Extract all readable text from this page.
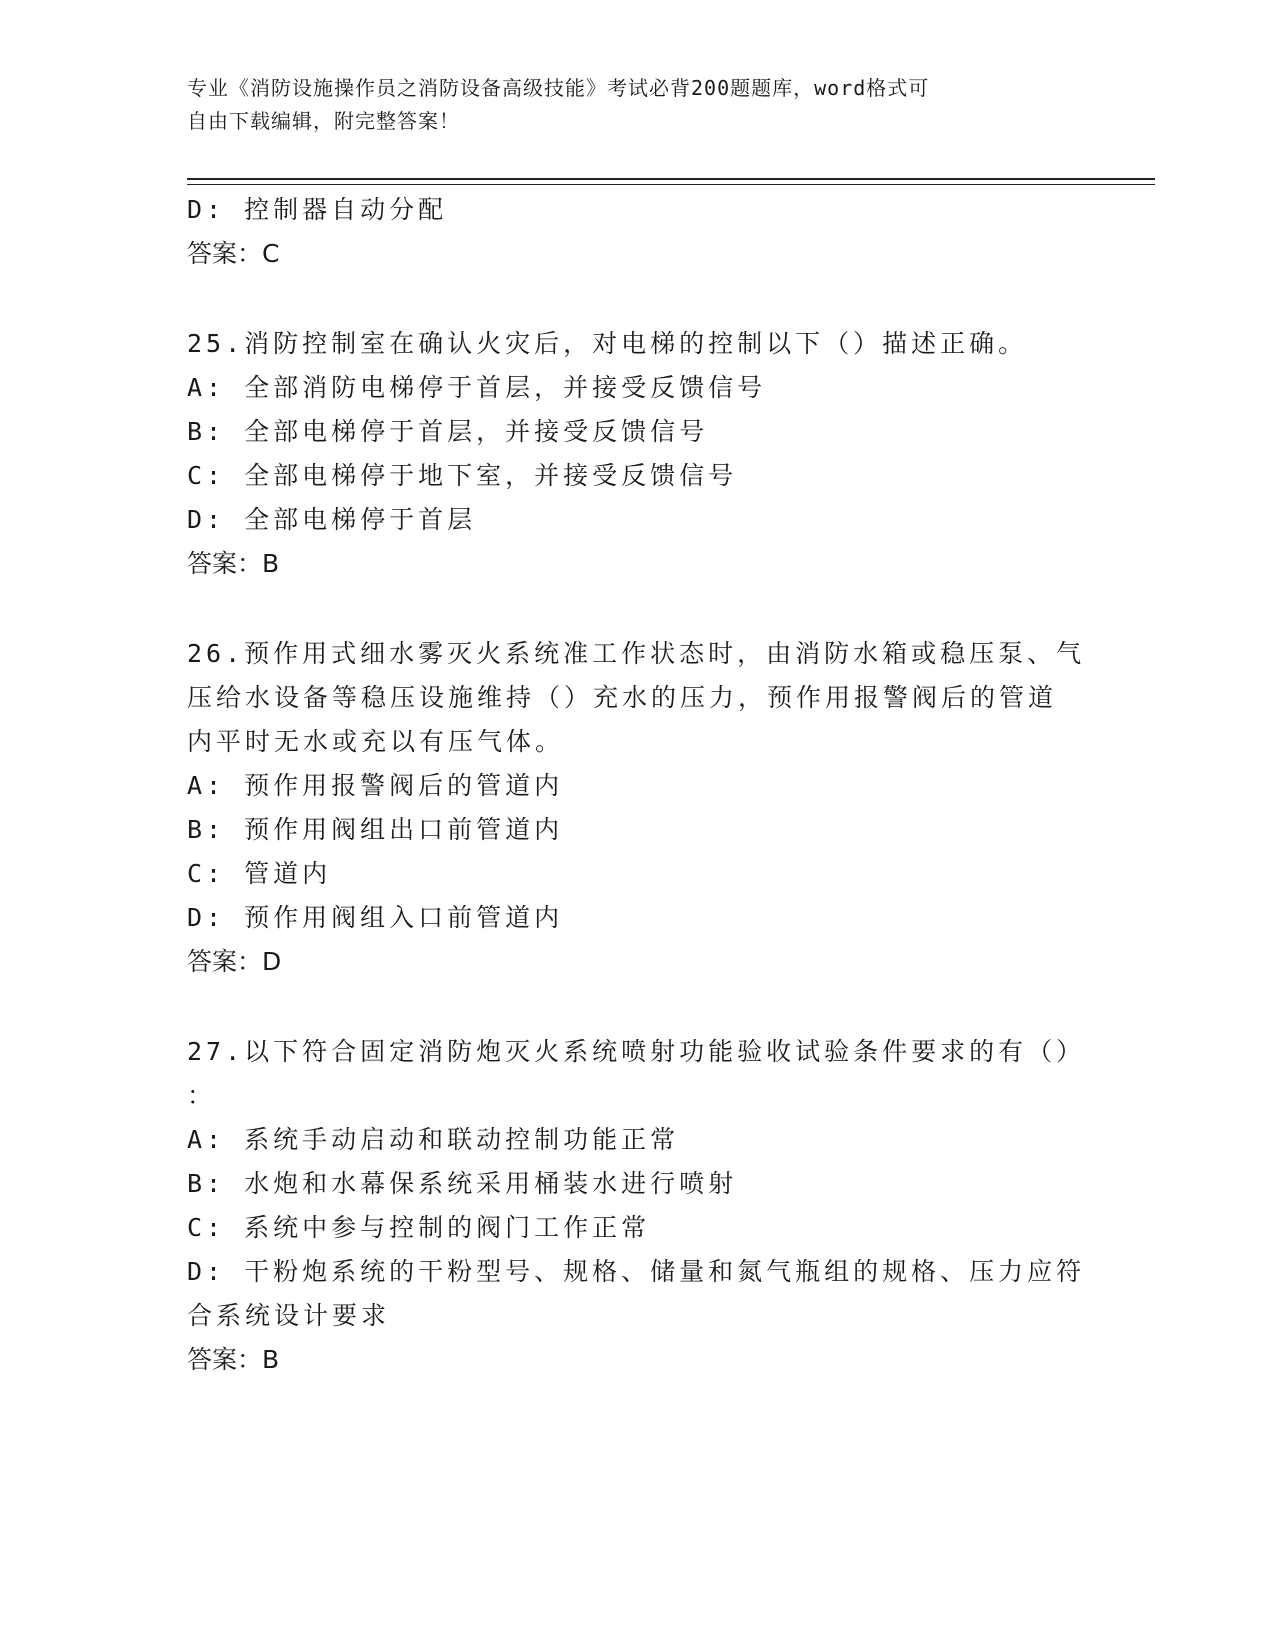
专业《消防设施操作员之消防设备高级技能》考试必背200题题库，word格式可
自由下载编辑，附完整答案！
D: 控制器自动分配
答案：C
25.消防控制室在确认火灾后，对电梯的控制以下（）描述正确。
A: 全部消防电梯停于首层，并接受反馈信号
B: 全部电梯停于首层，并接受反馈信号
C: 全部电梯停于地下室，并接受反馈信号
D: 全部电梯停于首层
答案：B
26.预作用式细水雾灭火系统准工作状态时，由消防水箱或稳压泵、气
压给水设备等稳压设施维持（）充水的压力，预作用报警阀后的管道
内平时无水或充以有压气体。
A: 预作用报警阀后的管道内
B: 预作用阀组出口前管道内
C: 管道内
D: 预作用阀组入口前管道内
答案：D
27.以下符合固定消防炮灭火系统喷射功能验收试验条件要求的有（）
：
A: 系统手动启动和联动控制功能正常
B: 水炮和水幕保系统采用桶装水进行喷射
C: 系统中参与控制的阀门工作正常
D: 干粉炮系统的干粉型号、规格、储量和氮气瓶组的规格、压力应符
合系统设计要求
答案：B
